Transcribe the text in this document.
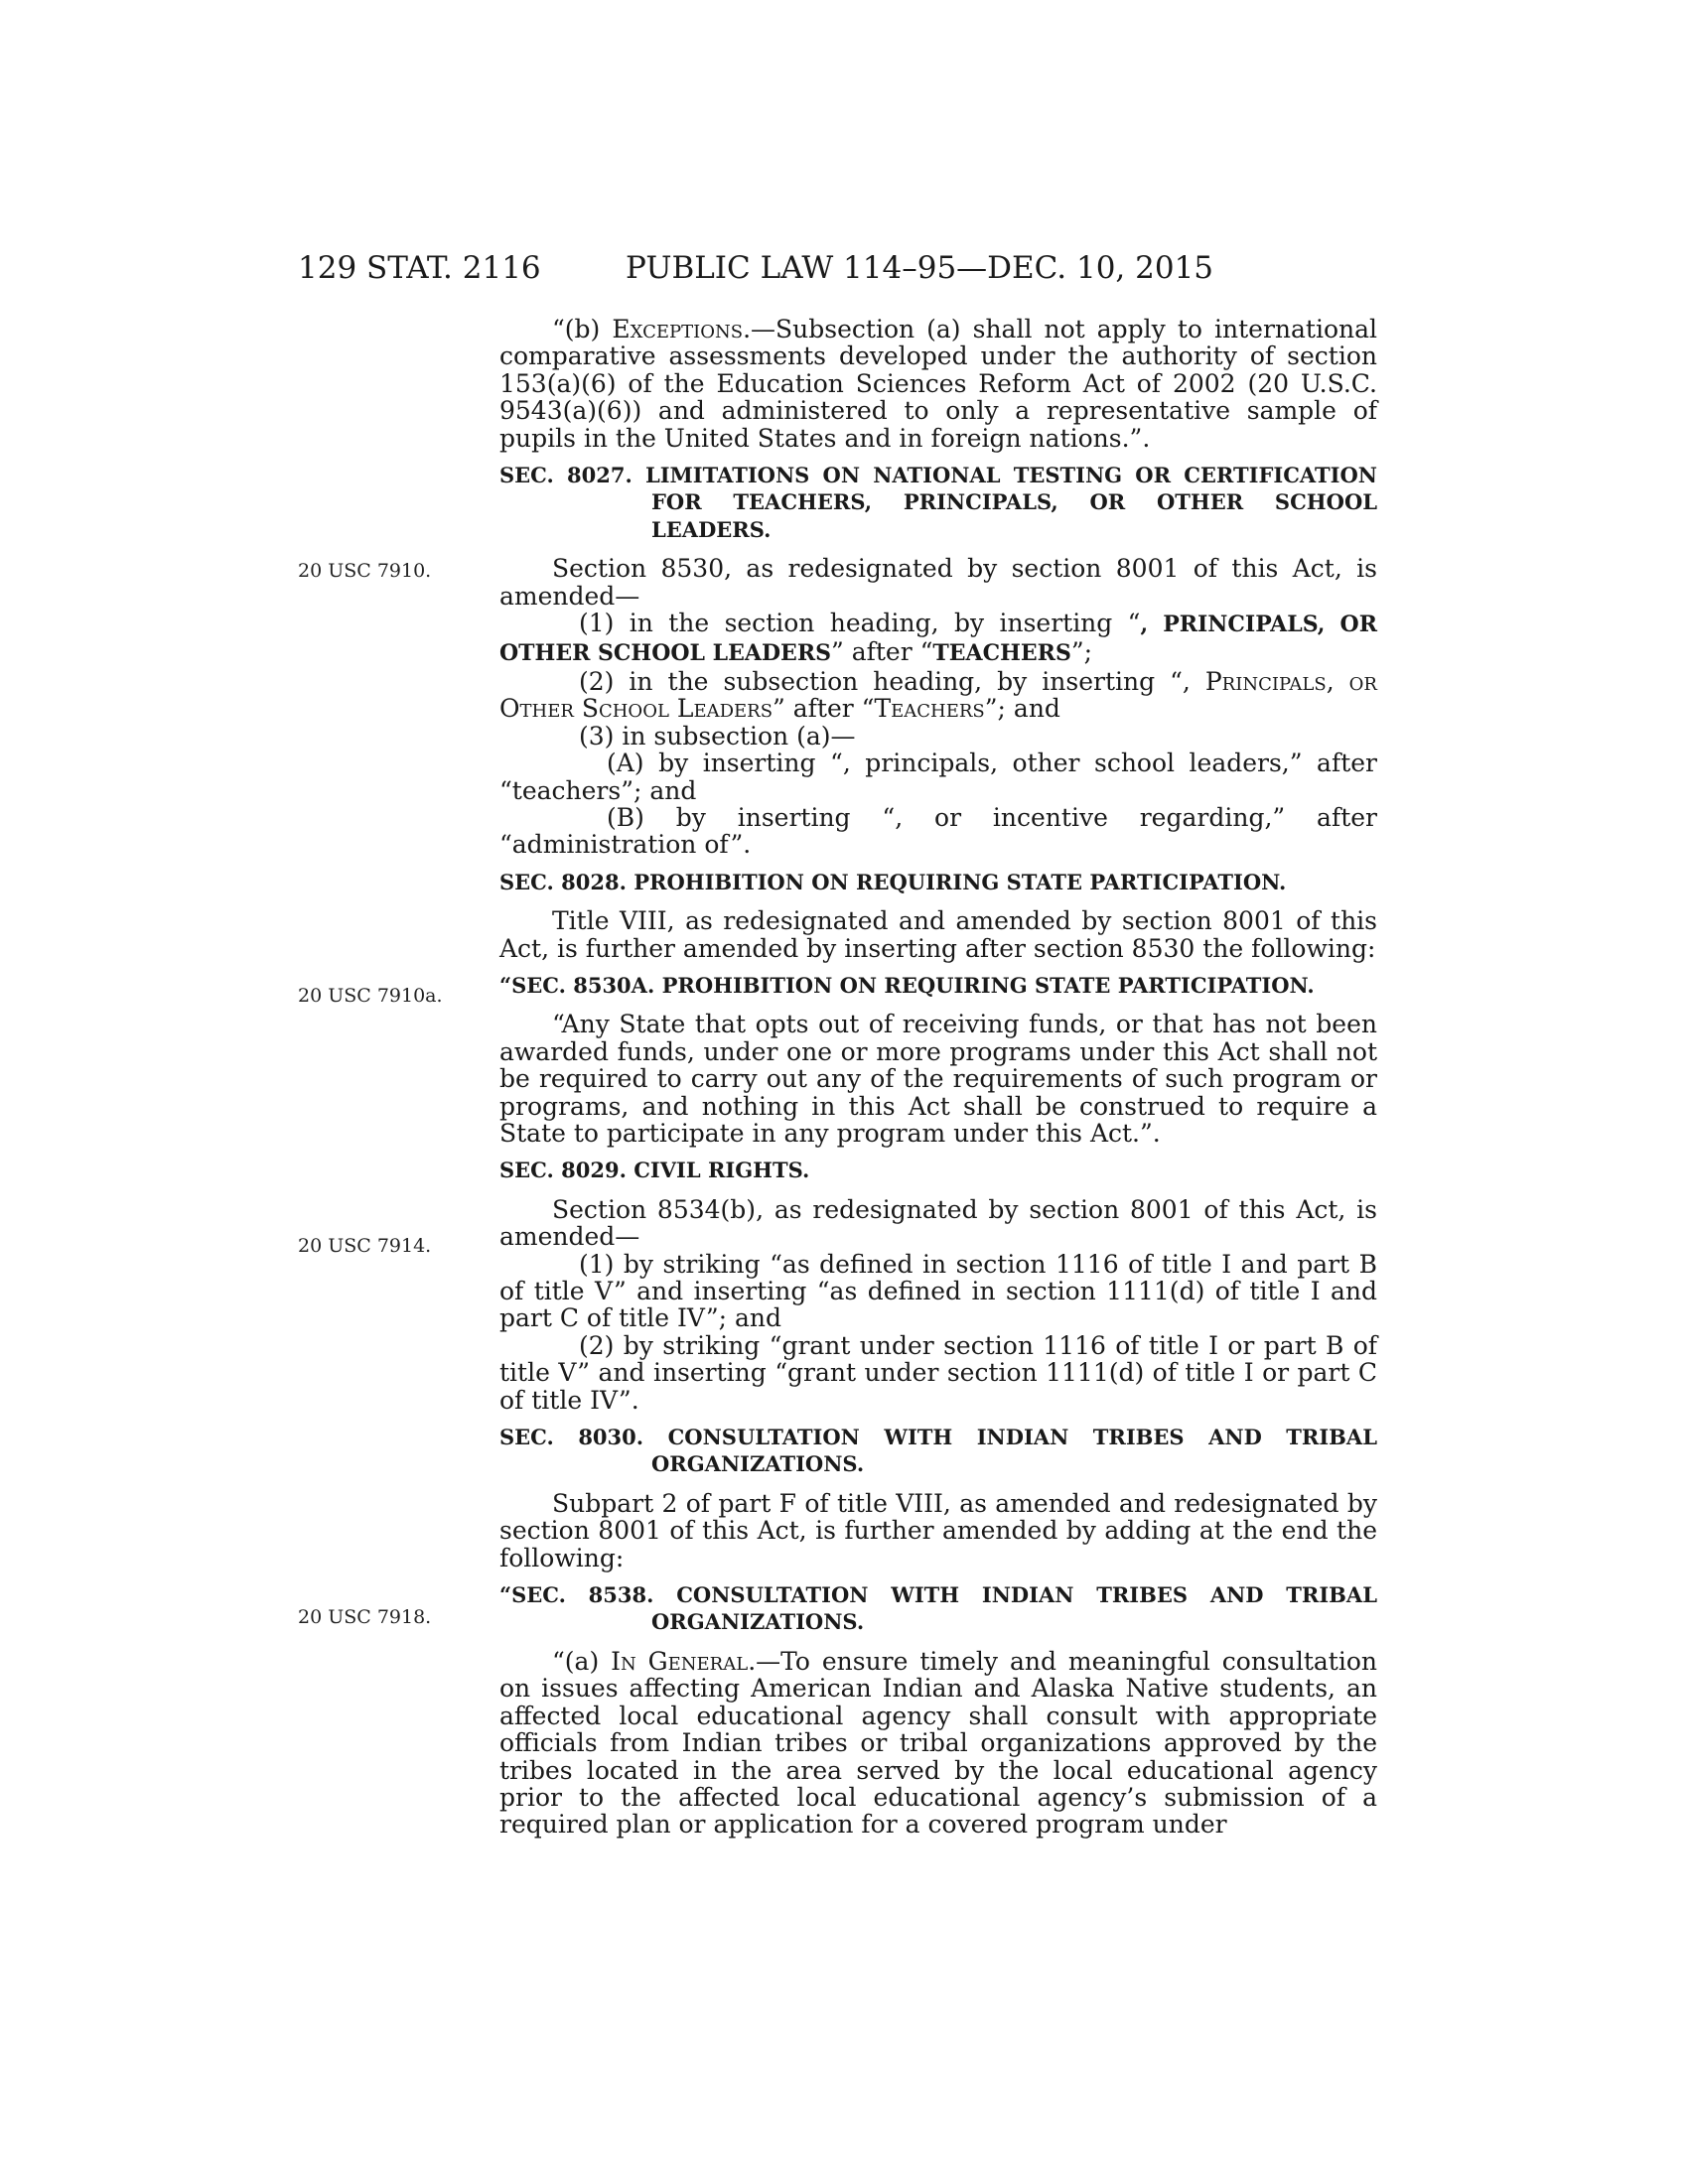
129 STAT. 2116	PUBLIC LAW 114–95—DEC. 10, 2015
20 USC 7910.
20 USC 7910a.
20 USC 7914.
20 USC 7918.

“(b) Exceptions.—Subsection (a) shall not apply to international comparative assessments developed under the authority of section 153(a)(6) of the Education Sciences Reform Act of 2002 (20 U.S.C. 9543(a)(6)) and administered to only a representative sample of pupils in the United States and in foreign nations.”.

SEC. 8027. LIMITATIONS ON NATIONAL TESTING OR CERTIFICATION FOR TEACHERS, PRINCIPALS, OR OTHER SCHOOL LEADERS.

Section 8530, as redesignated by section 8001 of this Act, is amended—

(1) in the section heading, by inserting “, PRINCIPALS, OR OTHER SCHOOL LEADERS” after “TEACHERS”;

(2) in the subsection heading, by inserting “, Principals, or Other School Leaders” after “Teachers”; and

(3) in subsection (a)—

(A) by inserting “, principals, other school leaders,” after “teachers”; and

(B) by inserting “, or incentive regarding,” after “administration of”.

SEC. 8028. PROHIBITION ON REQUIRING STATE PARTICIPATION.

Title VIII, as redesignated and amended by section 8001 of this Act, is further amended by inserting after section 8530 the following:

“SEC. 8530A. PROHIBITION ON REQUIRING STATE PARTICIPATION.

“Any State that opts out of receiving funds, or that has not been awarded funds, under one or more programs under this Act shall not be required to carry out any of the requirements of such program or programs, and nothing in this Act shall be construed to require a State to participate in any program under this Act.”.

SEC. 8029. CIVIL RIGHTS.

Section 8534(b), as redesignated by section 8001 of this Act, is amended—

(1) by striking “as defined in section 1116 of title I and part B of title V” and inserting “as defined in section 1111(d) of title I and part C of title IV”; and

(2) by striking “grant under section 1116 of title I or part B of title V” and inserting “grant under section 1111(d) of title I or part C of title IV”.

SEC. 8030. CONSULTATION WITH INDIAN TRIBES AND TRIBAL ORGANIZATIONS.

Subpart 2 of part F of title VIII, as amended and redesignated by section 8001 of this Act, is further amended by adding at the end the following:

“SEC. 8538. CONSULTATION WITH INDIAN TRIBES AND TRIBAL ORGANIZATIONS.

“(a) In General.—To ensure timely and meaningful consultation on issues affecting American Indian and Alaska Native students, an affected local educational agency shall consult with appropriate officials from Indian tribes or tribal organizations approved by the tribes located in the area served by the local educational agency prior to the affected local educational agency’s submission of a required plan or application for a covered program under
